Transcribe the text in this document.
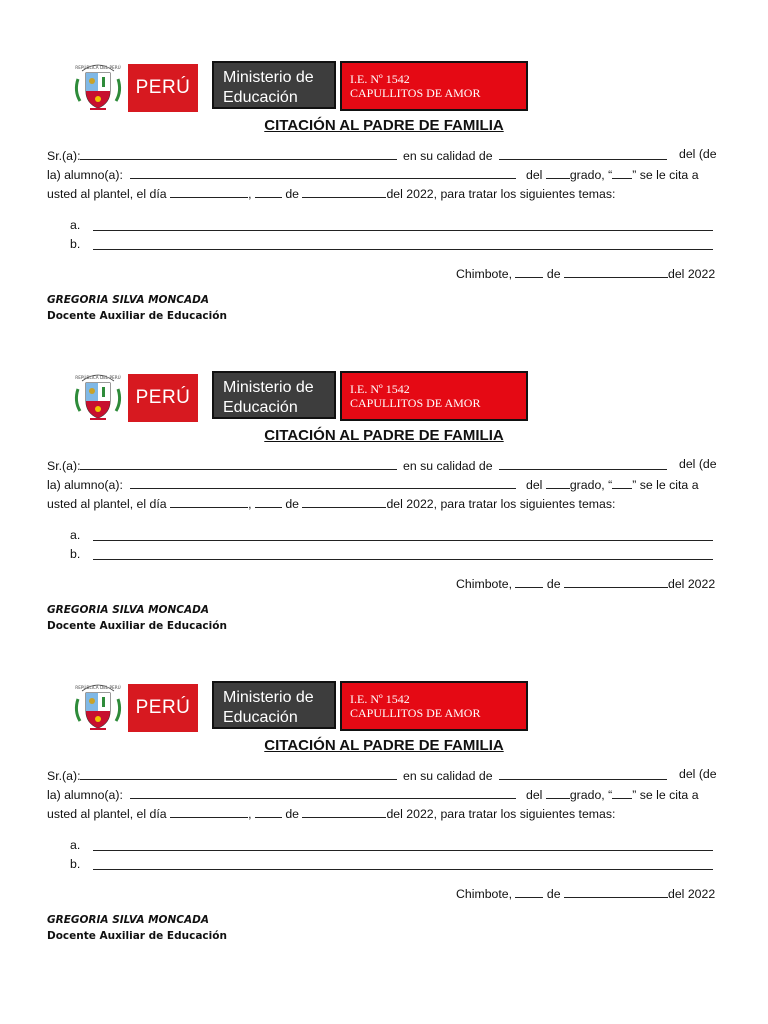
REPÚBLICA DEL PERÚ
PERÚ	Ministerio de
Educación
I.E. Nº 1542
CAPULLITOS DE AMOR
CITACIÓN AL PADRE DE FAMILIA
Sr.(a):	en su calidad de	del (de
la) alumno(a):	del grado, “ ” se le cita a
usted al plantel, el día	,	de	del 2022, para tratar los siguientes temas:
a.
b.
Chimbote,	de	del 2022
GREGORIA SILVA MONCADA
Docente Auxiliar de Educación
REPÚBLICA DEL PERÚ
PERÚ	Ministerio de
Educación
I.E. Nº 1542
CAPULLITOS DE AMOR
CITACIÓN AL PADRE DE FAMILIA
Sr.(a):	en su calidad de	del (de
la) alumno(a):	del grado, “ ” se le cita a
usted al plantel, el día	,	de	del 2022, para tratar los siguientes temas:
a.
b.
Chimbote,	de	del 2022
GREGORIA SILVA MONCADA
Docente Auxiliar de Educación
REPÚBLICA DEL PERÚ
PERÚ	Ministerio de
Educación
I.E. Nº 1542
CAPULLITOS DE AMOR
CITACIÓN AL PADRE DE FAMILIA
Sr.(a):	en su calidad de	del (de
la) alumno(a):	del grado, “ ” se le cita a
usted al plantel, el día	,	de	del 2022, para tratar los siguientes temas:
a.
b.
Chimbote,	de	del 2022
GREGORIA SILVA MONCADA
Docente Auxiliar de Educación
